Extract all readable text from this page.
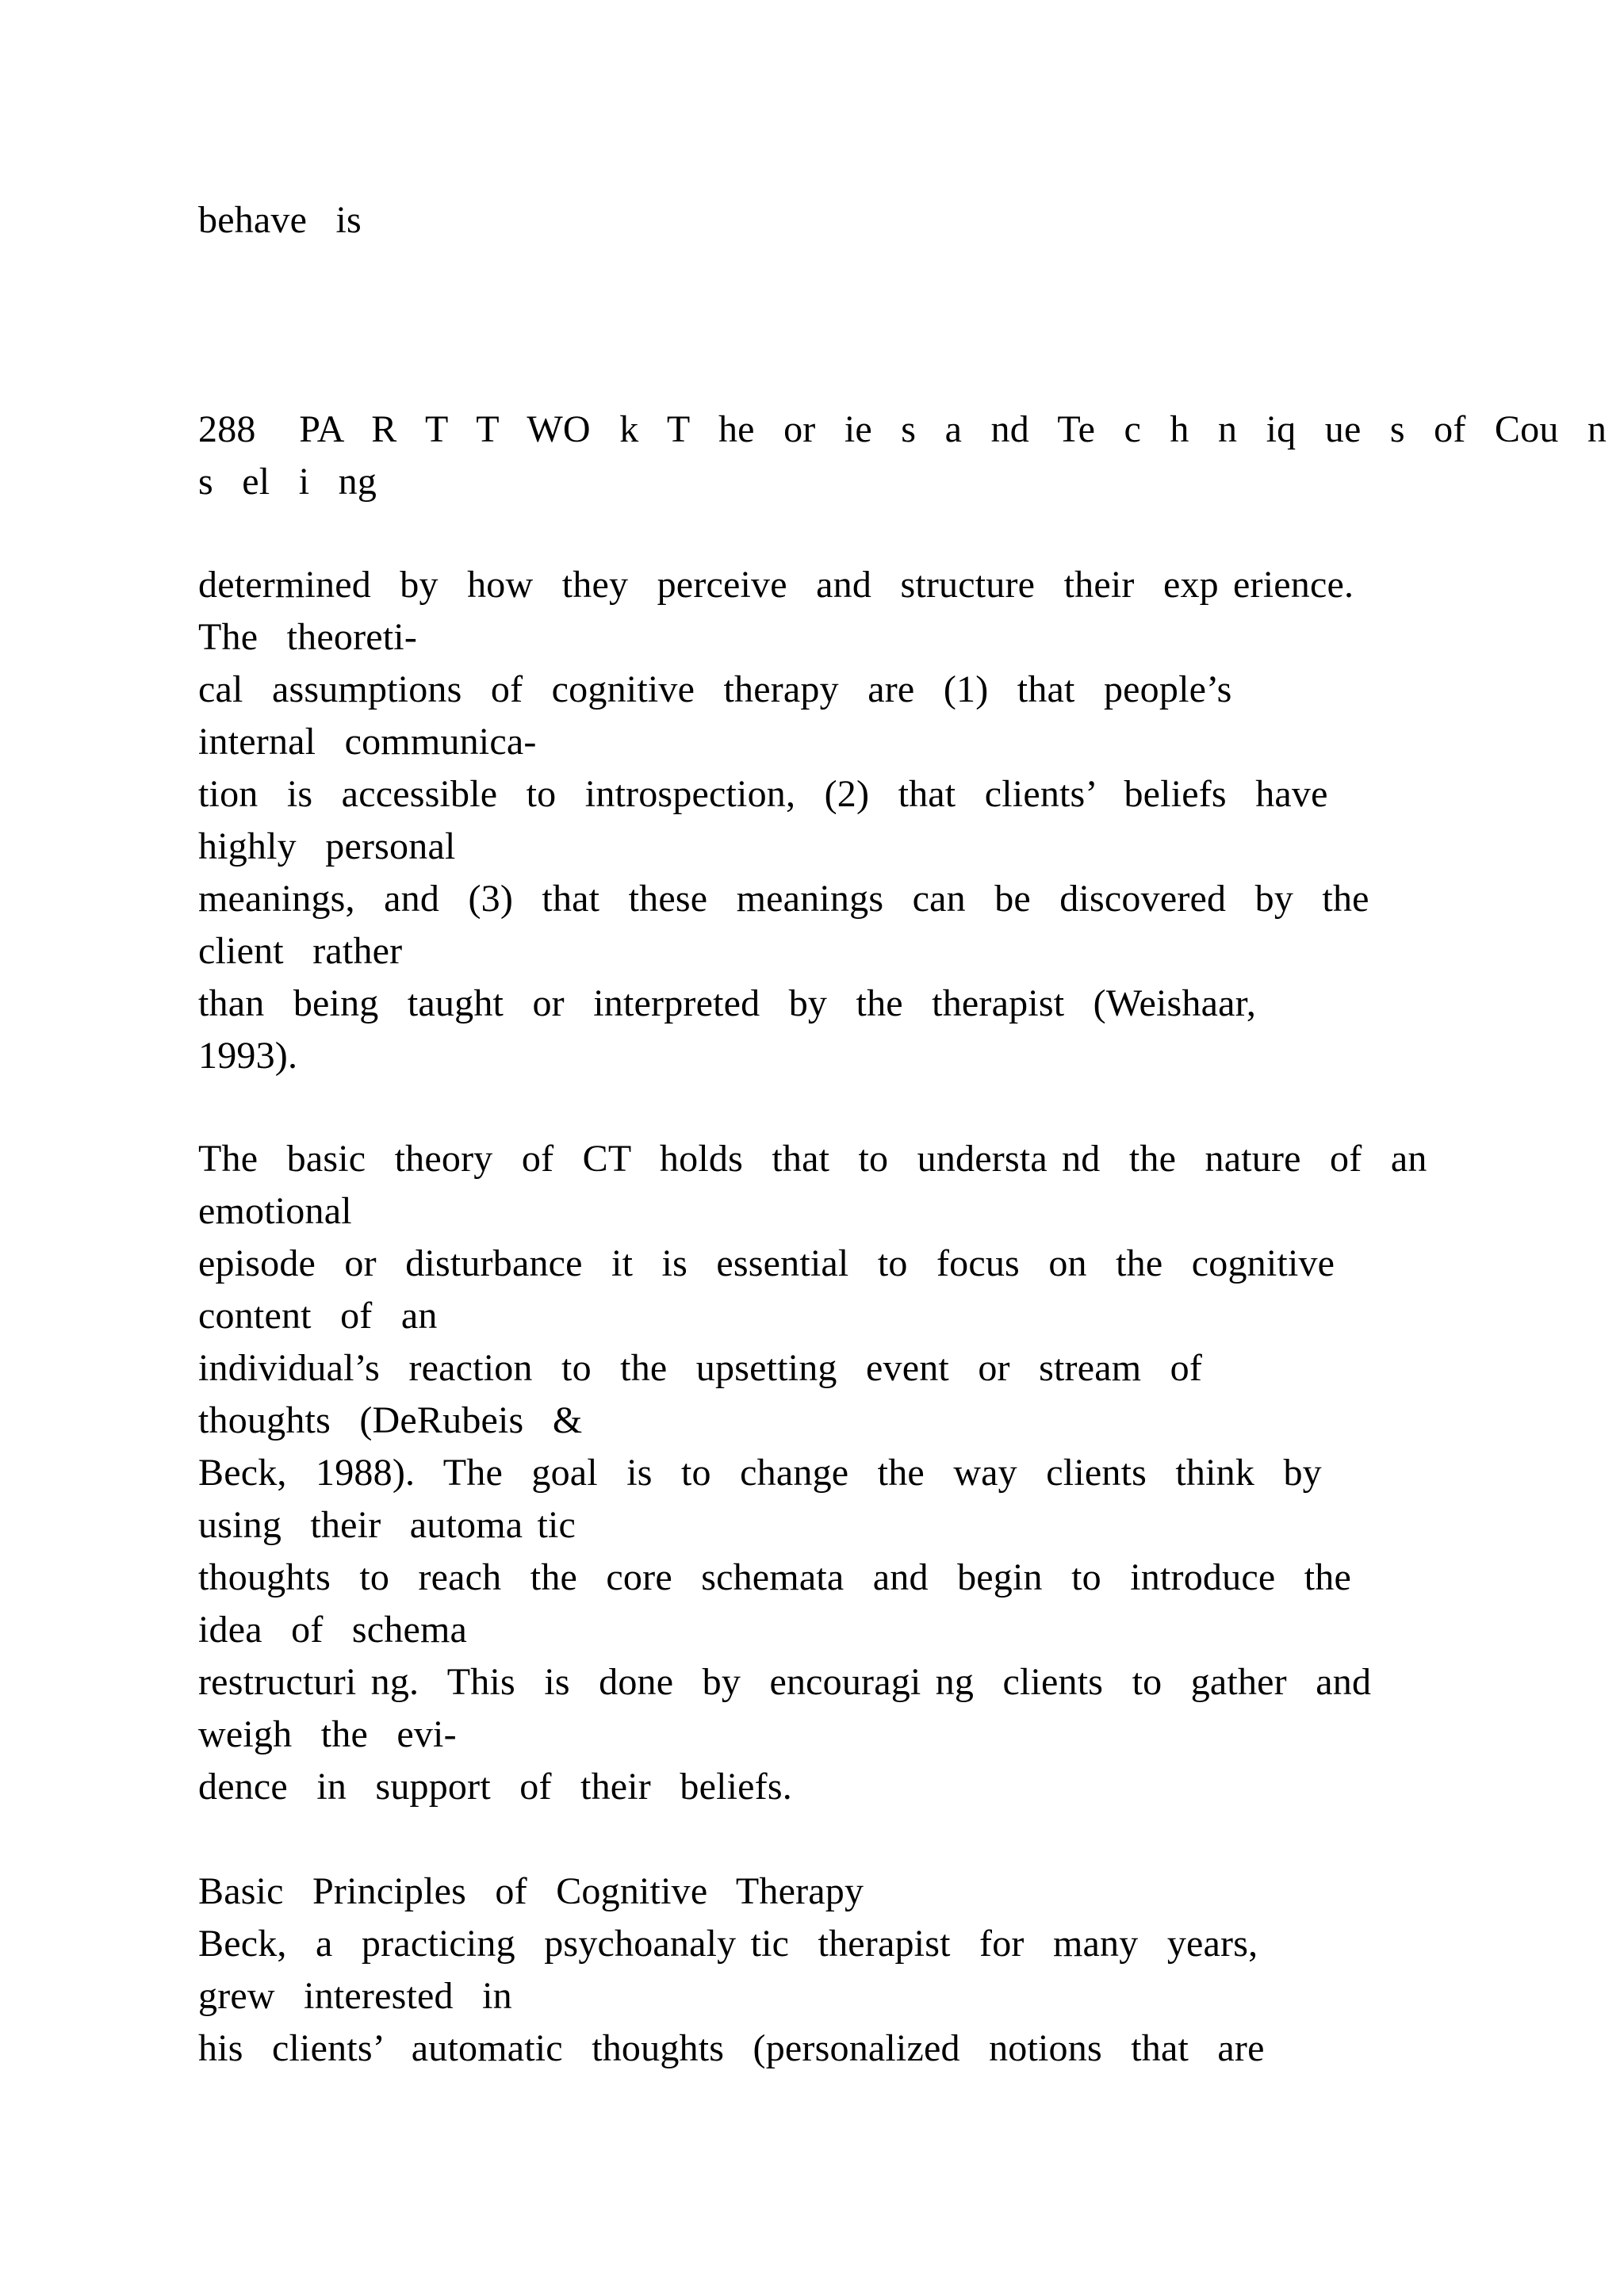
behave  is
288   PA  R  T  T  WO  k  T  he  or  ie  s  a  nd  Te  c  h  n  iq  ue  s  of  Cou  n
s  el  i  ng
determined  by  how  they  perceive  and  structure  their  exp erience.
The  theoreti-
cal  assumptions  of  cognitive  therapy  are  (1)  that  people’s
internal  communica-
tion  is  accessible  to  introspection,  (2)  that  clients’  beliefs  have
highly  personal
meanings,  and  (3)  that  these  meanings  can  be  discovered  by  the
client  rather
than  being  taught  or  interpreted  by  the  therapist  (Weishaar,
1993).
The  basic  theory  of  CT  holds  that  to  understa nd  the  nature  of  an
emotional
episode  or  disturbance  it  is  essential  to  focus  on  the  cognitive
content  of  an
individual’s  reaction  to  the  upsetting  event  or  stream  of
thoughts  (DeRubeis  &
Beck,  1988).  The  goal  is  to  change  the  way  clients  think  by
using  their  automa tic
thoughts  to  reach  the  core  schemata  and  begin  to  introduce  the
idea  of  schema
restructuri ng.  This  is  done  by  encouragi ng  clients  to  gather  and
weigh  the  evi-
dence  in  support  of  their  beliefs.
Basic  Principles  of  Cognitive  Therapy
Beck,  a  practicing  psychoanaly tic  therapist  for  many  years,
grew  interested  in
his  clients’  automatic  thoughts  (personalized  notions  that  are
